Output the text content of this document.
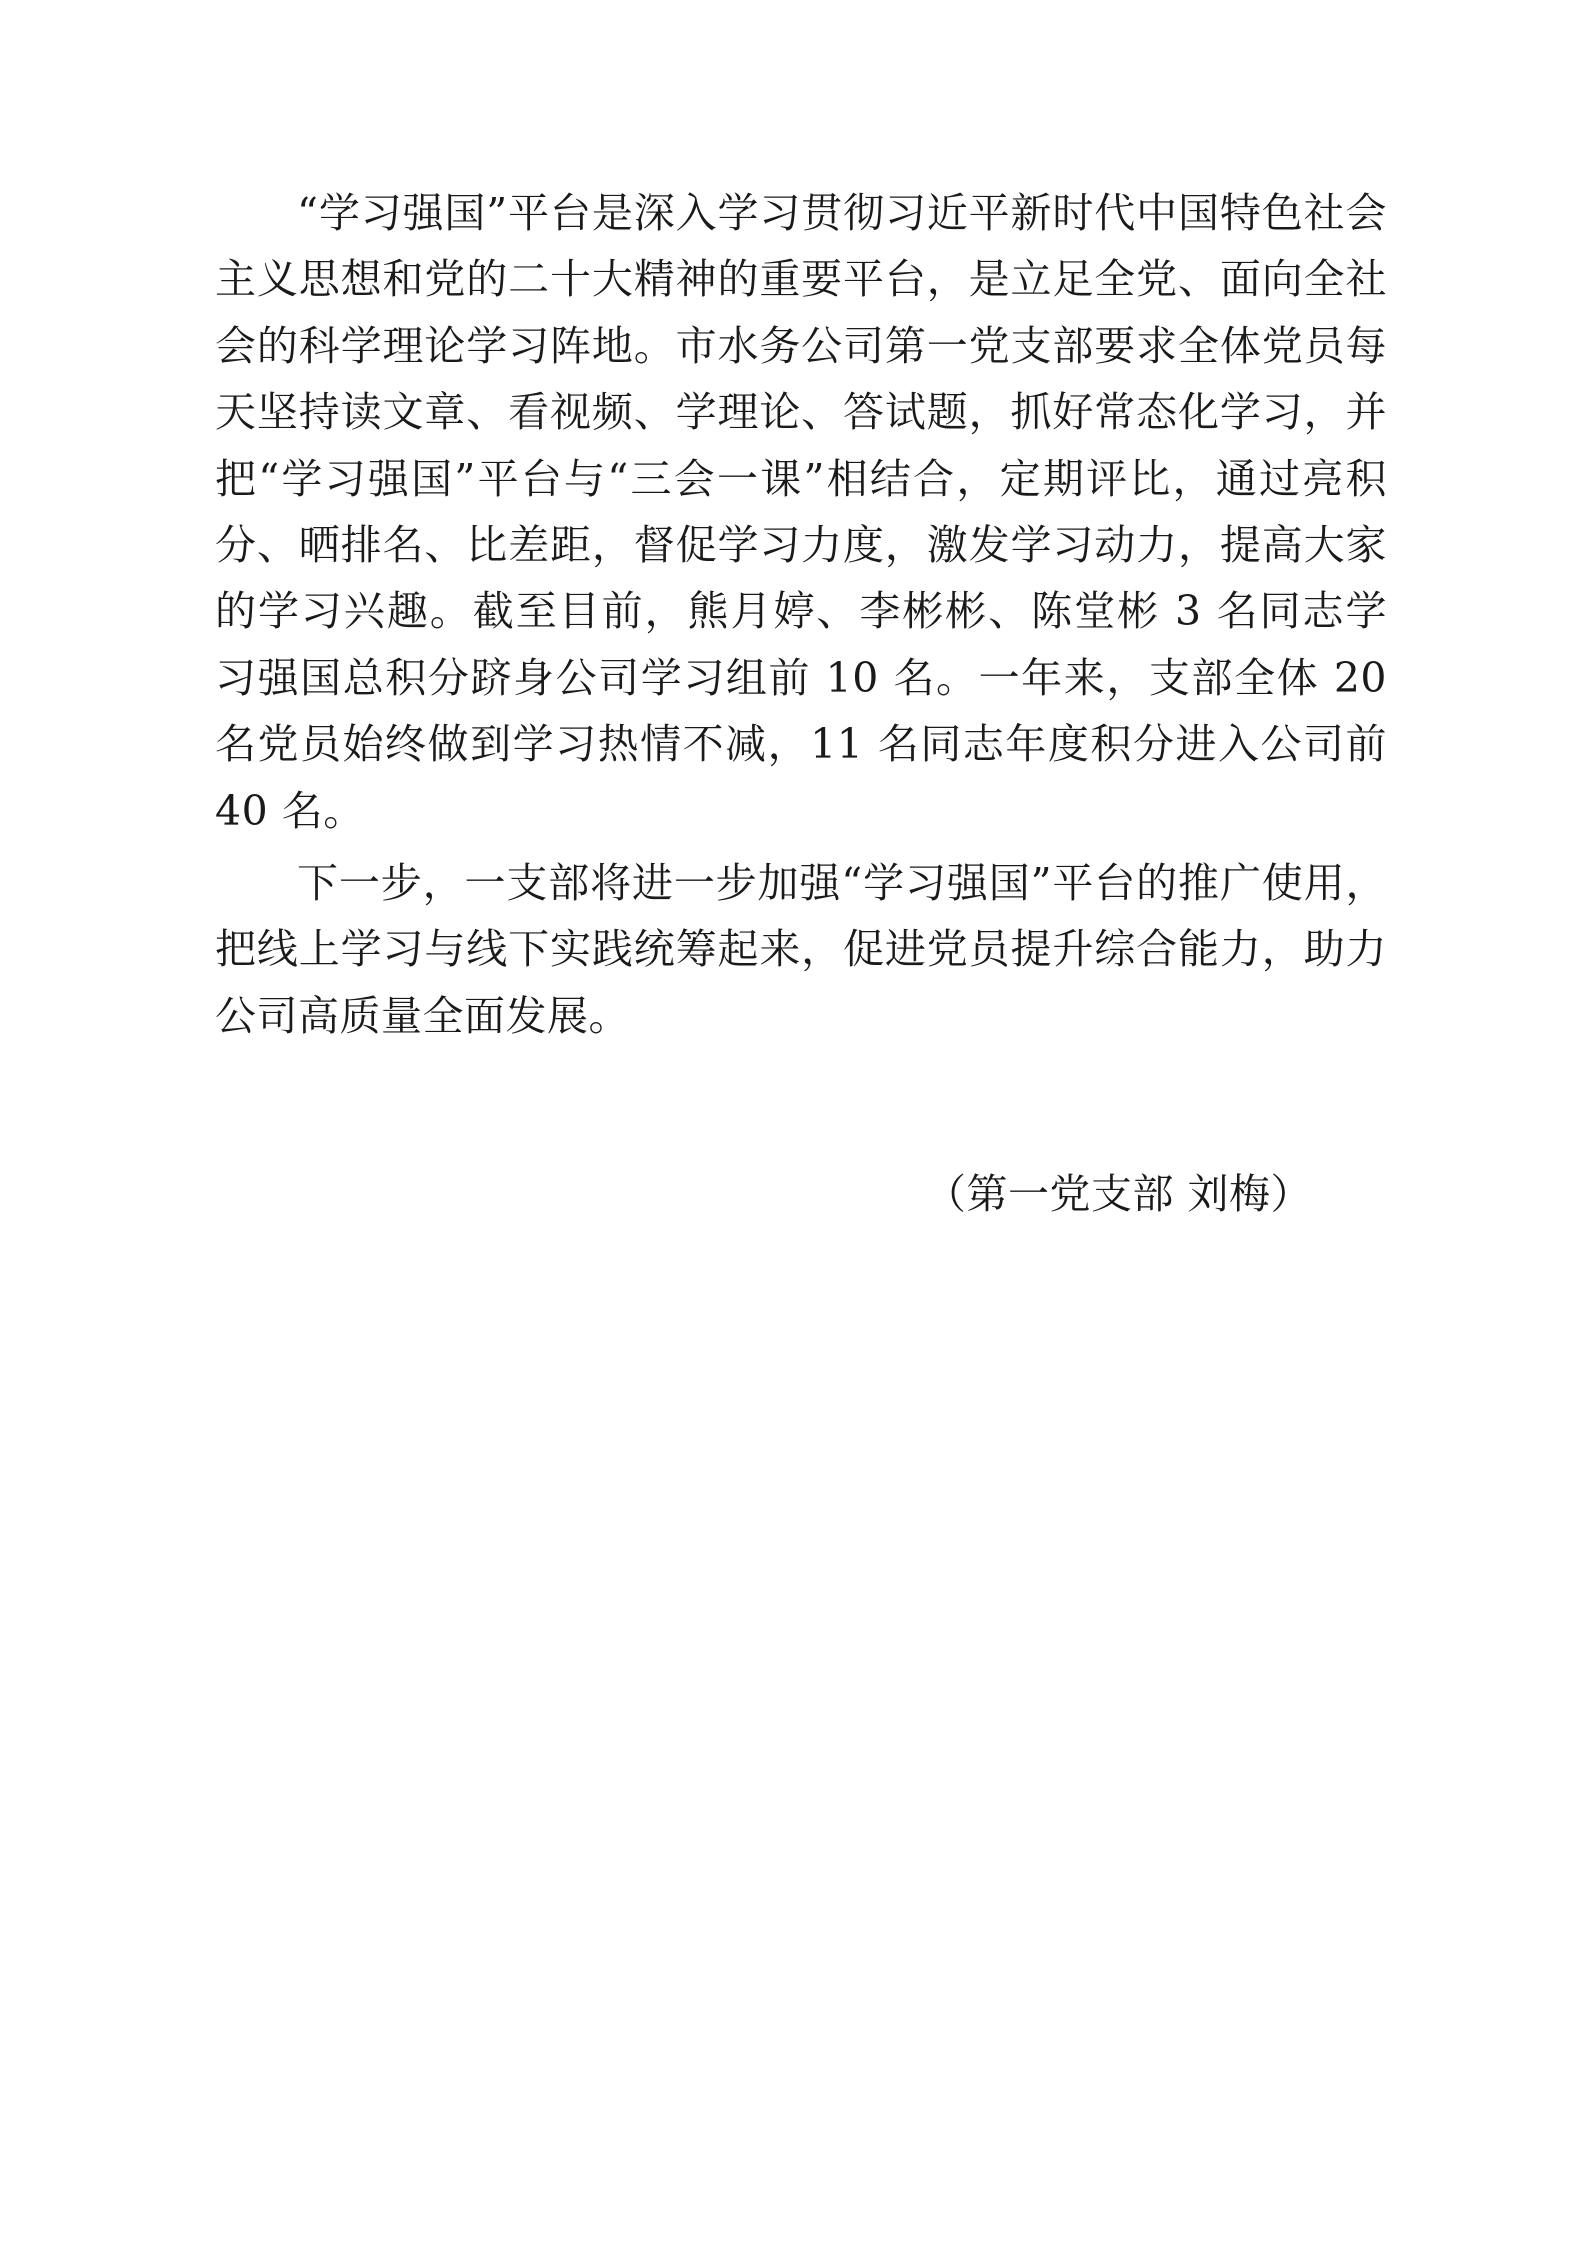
“学习强国”平台是深入学习贯彻习近平新时代中国特色社会主义思想和党的二十大精神的重要平台，是立足全党、面向全社会的科学理论学习阵地。市水务公司第一党支部要求全体党员每天坚持读文章、看视频、学理论、答试题，抓好常态化学习，并把“学习强国”平台与“三会一课”相结合，定期评比，通过亮积分、晒排名、比差距，督促学习力度，激发学习动力，提高大家的学习兴趣。截至目前，熊月婷、李彬彬、陈堂彬 3 名同志学习强国总积分跻身公司学习组前 10 名。一年来，支部全体 20 名党员始终做到学习热情不减，11 名同志年度积分进入公司前 40 名。

下一步，一支部将进一步加强“学习强国”平台的推广使用，把线上学习与线下实践统筹起来，促进党员提升综合能力，助力公司高质量全面发展。

（第一党支部 刘梅）
